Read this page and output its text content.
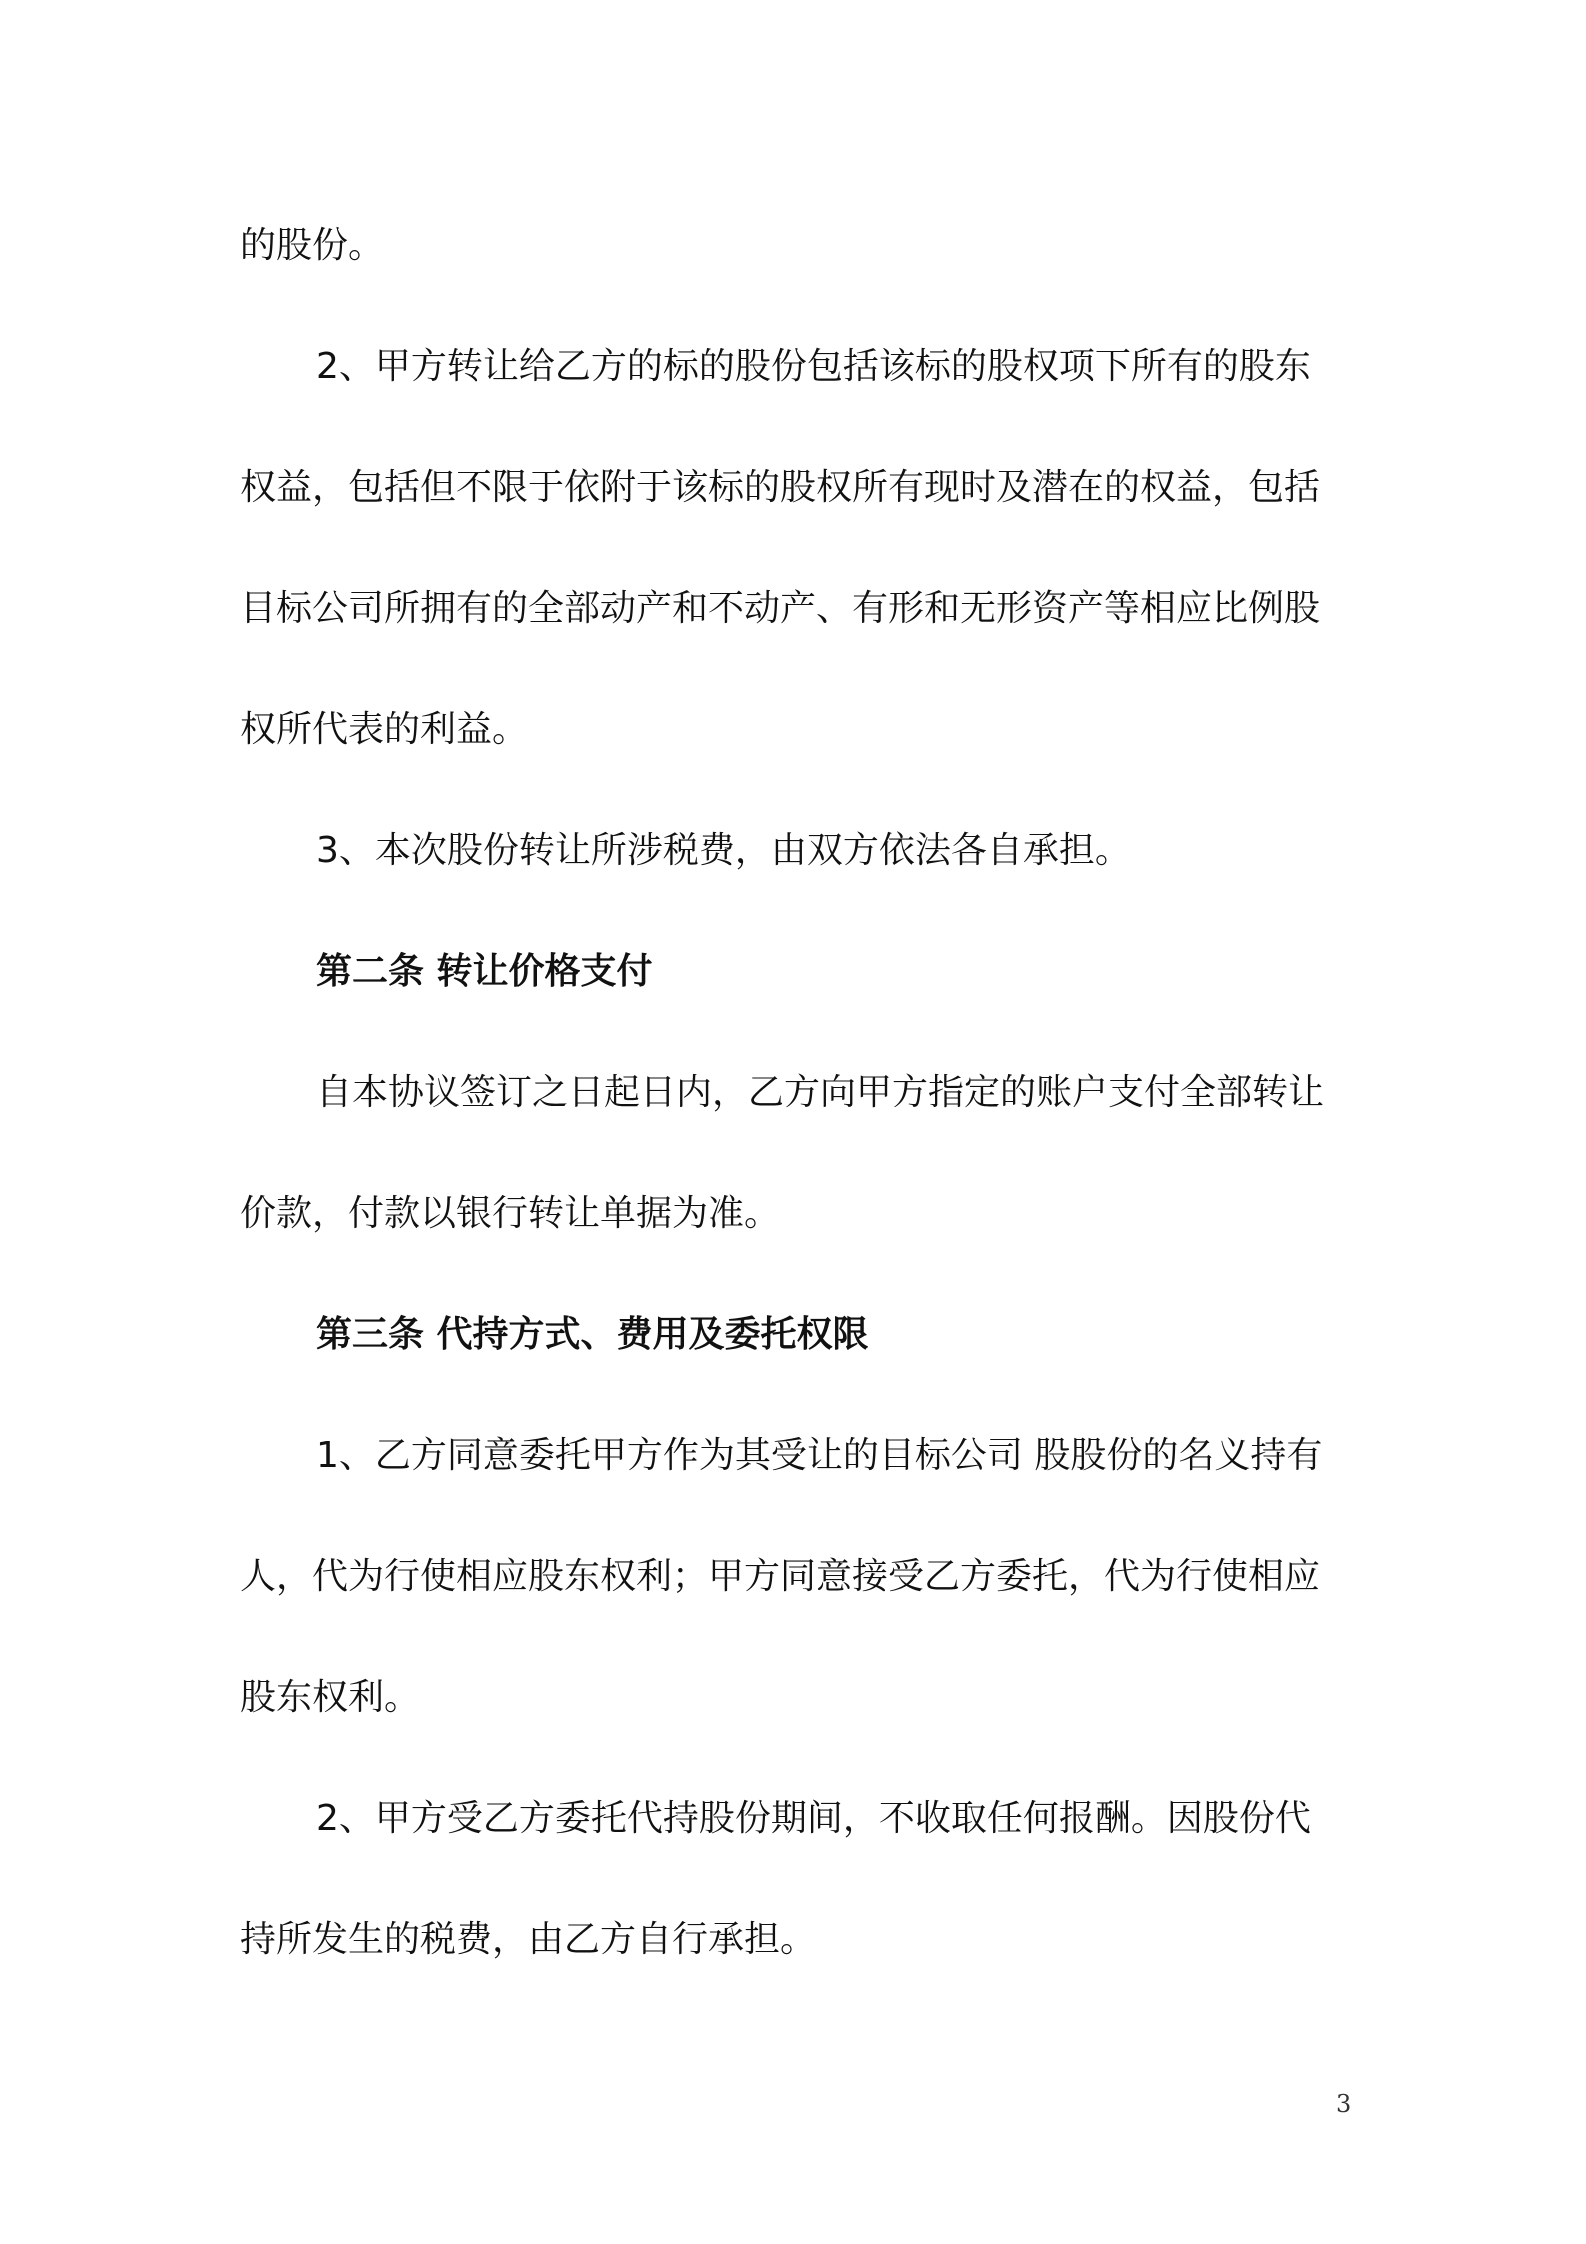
的股份。
2、甲方转让给乙方的标的股份包括该标的股权项下所有的股东
权益，包括但不限于依附于该标的股权所有现时及潜在的权益，包括
目标公司所拥有的全部动产和不动产、有形和无形资产等相应比例股
权所代表的利益。
3、本次股份转让所涉税费，由双方依法各自承担。
第二条 转让价格支付
自本协议签订之日起日内，乙方向甲方指定的账户支付全部转让
价款，付款以银行转让单据为准。
第三条 代持方式、费用及委托权限
1、乙方同意委托甲方作为其受让的目标公司 股股份的名义持有
人，代为行使相应股东权利；甲方同意接受乙方委托，代为行使相应
股东权利。
2、甲方受乙方委托代持股份期间，不收取任何报酬。因股份代
持所发生的税费，由乙方自行承担。
3
